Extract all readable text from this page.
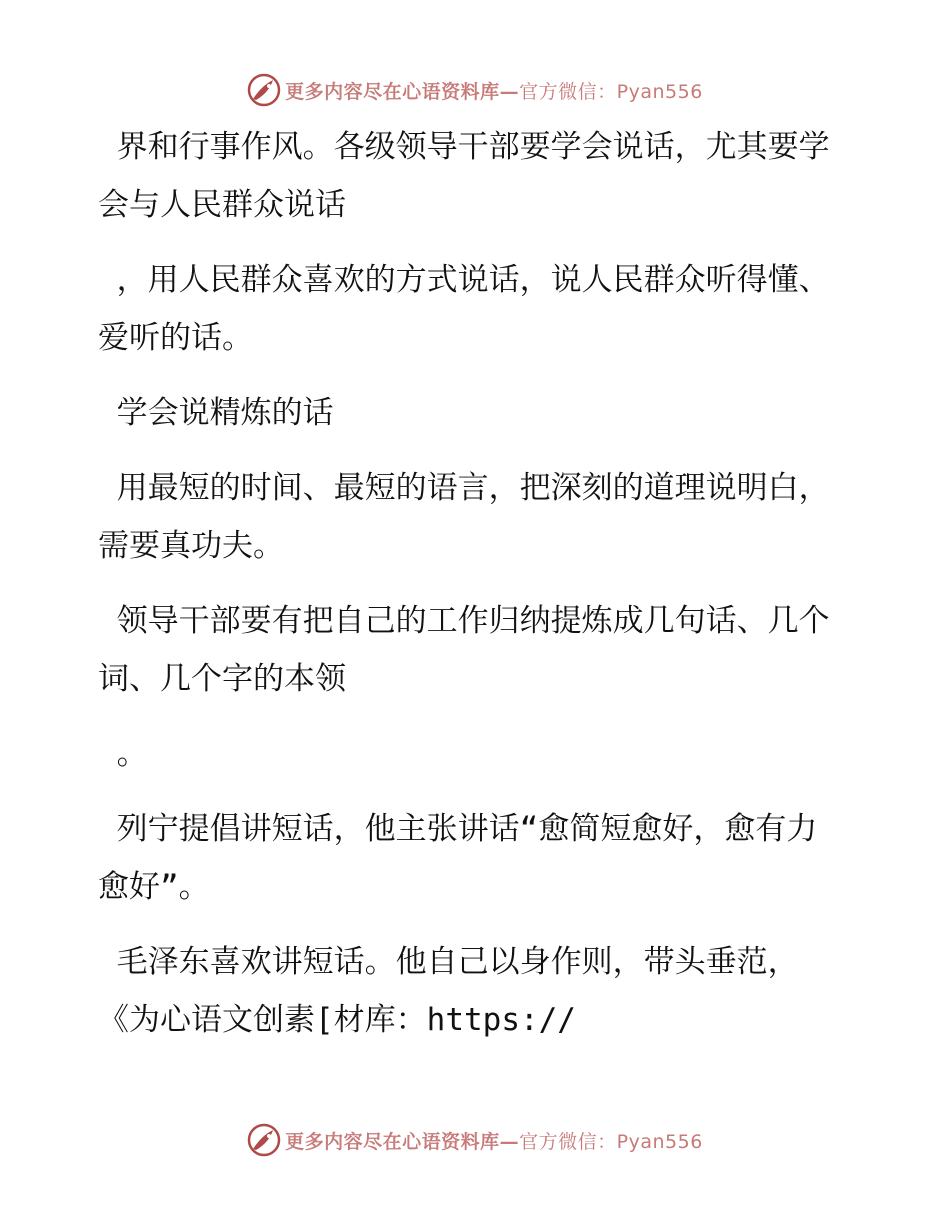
更多内容尽在心语资料库—官方微信：Pyan556

界和行事作风。各级领导干部要学会说话，尤其要学会与人民群众说话

，用人民群众喜欢的方式说话，说人民群众听得懂、爱听的话。

学会说精炼的话

用最短的时间、最短的语言，把深刻的道理说明白，需要真功夫。

领导干部要有把自己的工作归纳提炼成几句话、几个词、几个字的本领

。

列宁提倡讲短话，他主张讲话“愈简短愈好，愈有力愈好”。

毛泽东喜欢讲短话。他自己以身作则，带头垂范，《为心语文创素[材库：https://

更多内容尽在心语资料库—官方微信：Pyan556
